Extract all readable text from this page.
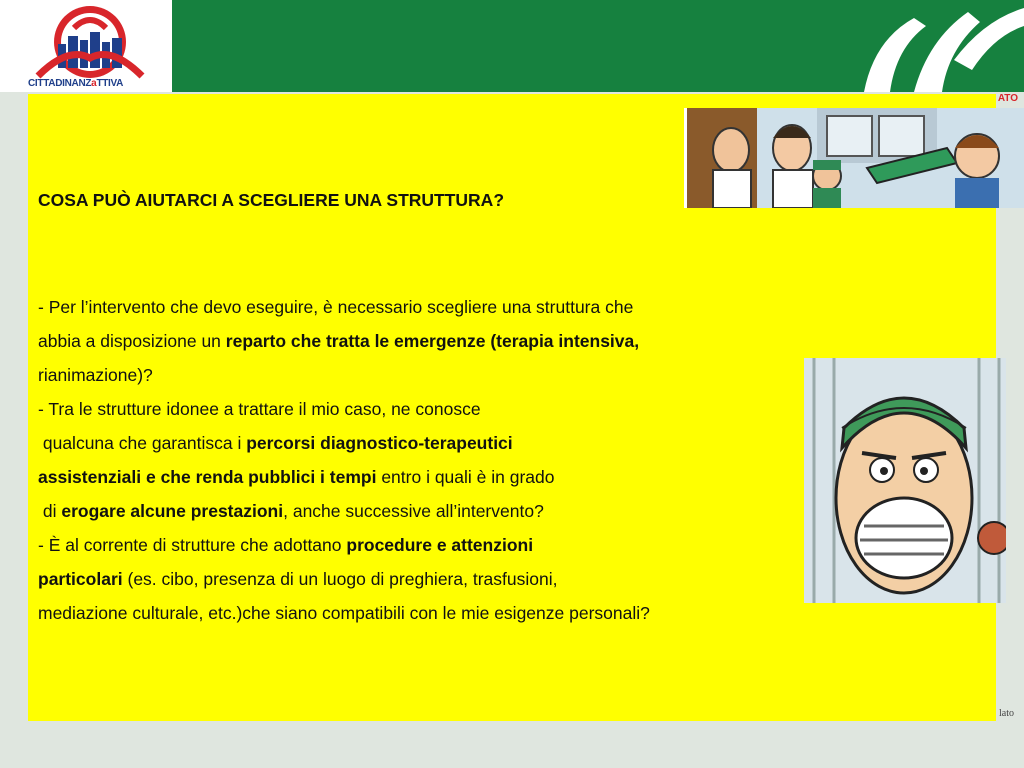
CITTADINANZaTTIVA
ATO
lato
COSA PUÒ AIUTARCI A SCEGLIERE UNA STRUTTURA?
- Per l’intervento che devo eseguire, è necessario scegliere una struttura che
abbia a disposizione un reparto che tratta le emergenze (terapia intensiva,
rianimazione)?
- Tra le strutture idonee a trattare il mio caso, ne conosce
qualcuna che garantisca i percorsi diagnostico-terapeutici
assistenziali e che renda pubblici i tempi entro i quali è in grado
di erogare alcune prestazioni, anche successive all’intervento?
- È al corrente di strutture che adottano procedure e attenzioni
particolari (es. cibo, presenza di un luogo di preghiera, trasfusioni,
mediazione culturale, etc.)che siano compatibili con le mie esigenze personali?
